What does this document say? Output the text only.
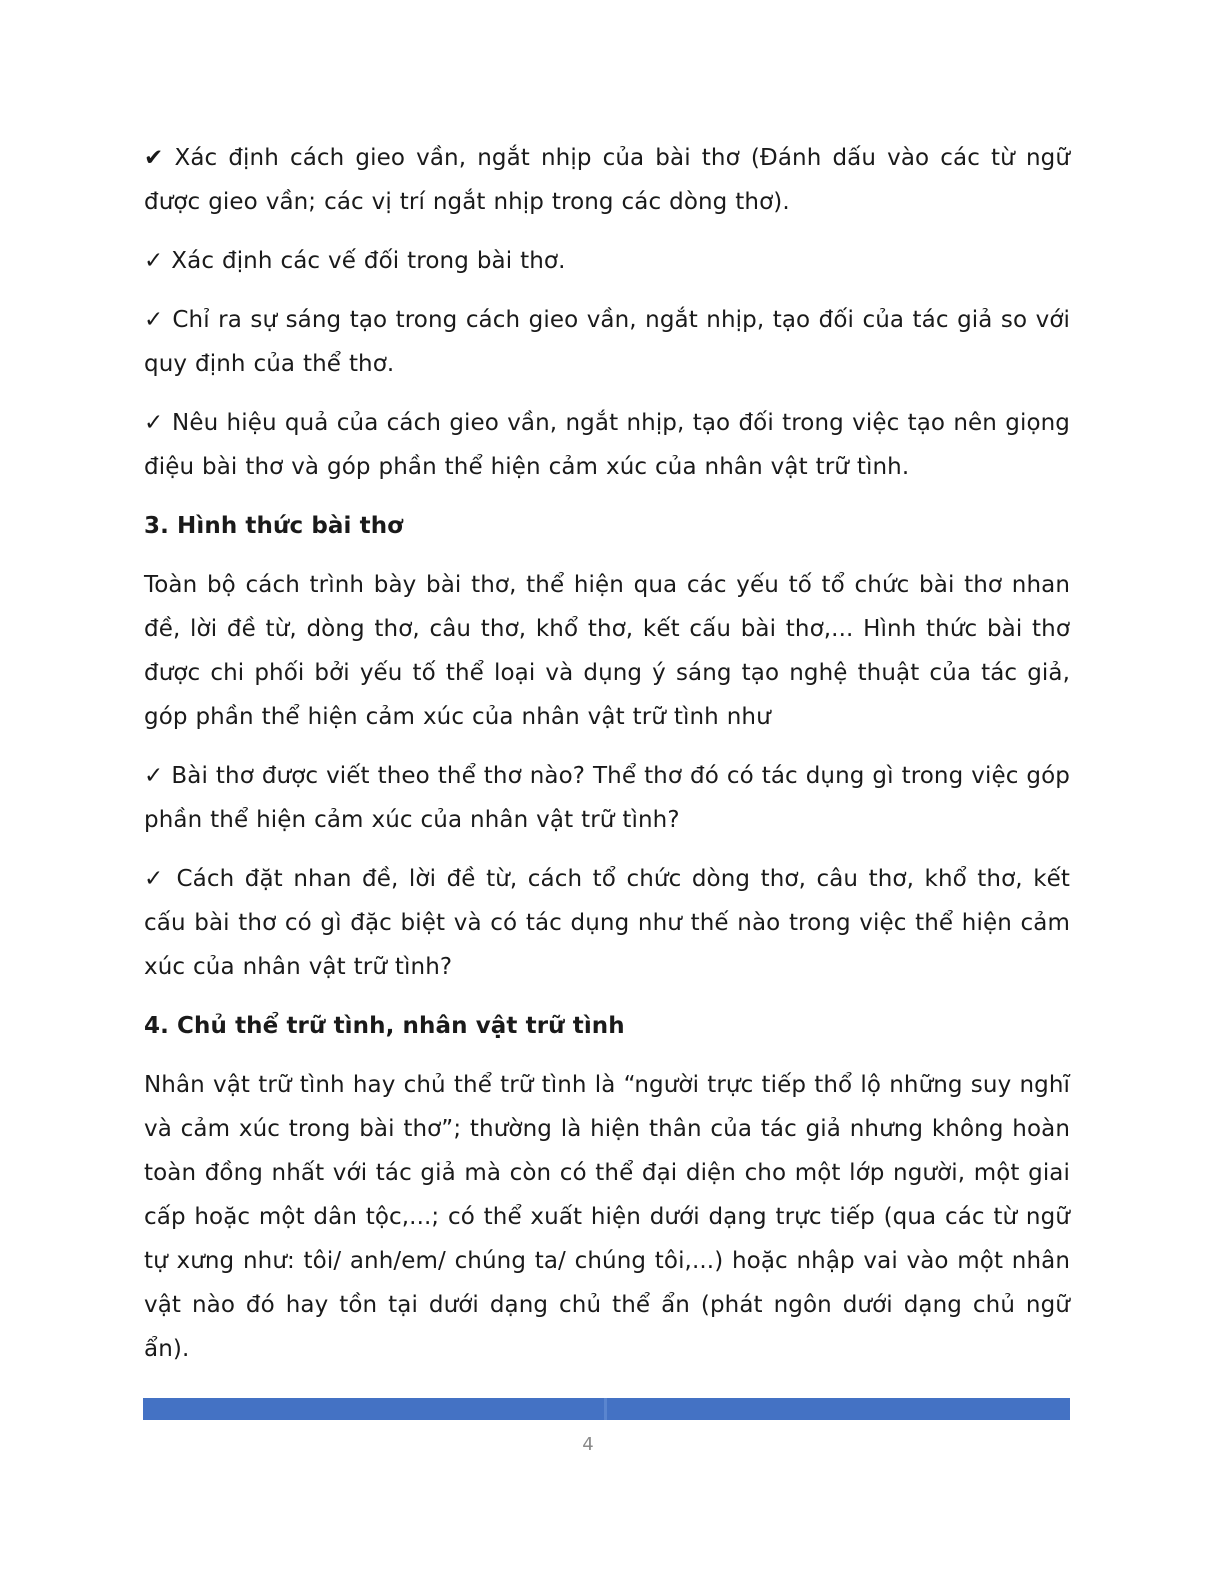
✔ Xác định cách gieo vần, ngắt nhịp của bài thơ (Đánh dấu vào các từ ngữ được gieo vần; các vị trí ngắt nhịp trong các dòng thơ).

✓ Xác định các vế đối trong bài thơ.

✓ Chỉ ra sự sáng tạo trong cách gieo vần, ngắt nhịp, tạo đối của tác giả so với quy định của thể thơ.

✓ Nêu hiệu quả của cách gieo vần, ngắt nhịp, tạo đối trong việc tạo nên giọng điệu bài thơ và góp phần thể hiện cảm xúc của nhân vật trữ tình.

3. Hình thức bài thơ

Toàn bộ cách trình bày bài thơ, thể hiện qua các yếu tố tổ chức bài thơ nhan đề, lời đề từ, dòng thơ, câu thơ, khổ thơ, kết cấu bài thơ,... Hình thức bài thơ được chi phối bởi yếu tố thể loại và dụng ý sáng tạo nghệ thuật của tác giả, góp phần thể hiện cảm xúc của nhân vật trữ tình như

✓ Bài thơ được viết theo thể thơ nào? Thể thơ đó có tác dụng gì trong việc góp phần thể hiện cảm xúc của nhân vật trữ tình?

✓ Cách đặt nhan đề, lời đề từ, cách tổ chức dòng thơ, câu thơ, khổ thơ, kết cấu bài thơ có gì đặc biệt và có tác dụng như thế nào trong việc thể hiện cảm xúc của nhân vật trữ tình?

4. Chủ thể trữ tình, nhân vật trữ tình

Nhân vật trữ tình hay chủ thể trữ tình là “người trực tiếp thổ lộ những suy nghĩ và cảm xúc trong bài thơ”; thường là hiện thân của tác giả nhưng không hoàn toàn đồng nhất với tác giả mà còn có thể đại diện cho một lớp người, một giai cấp hoặc một dân tộc,...; có thể xuất hiện dưới dạng trực tiếp (qua các từ ngữ tự xưng như: tôi/ anh/em/ chúng ta/ chúng tôi,...) hoặc nhập vai vào một nhân vật nào đó hay tồn tại dưới dạng chủ thể ẩn (phát ngôn dưới dạng chủ ngữ ẩn).

4
